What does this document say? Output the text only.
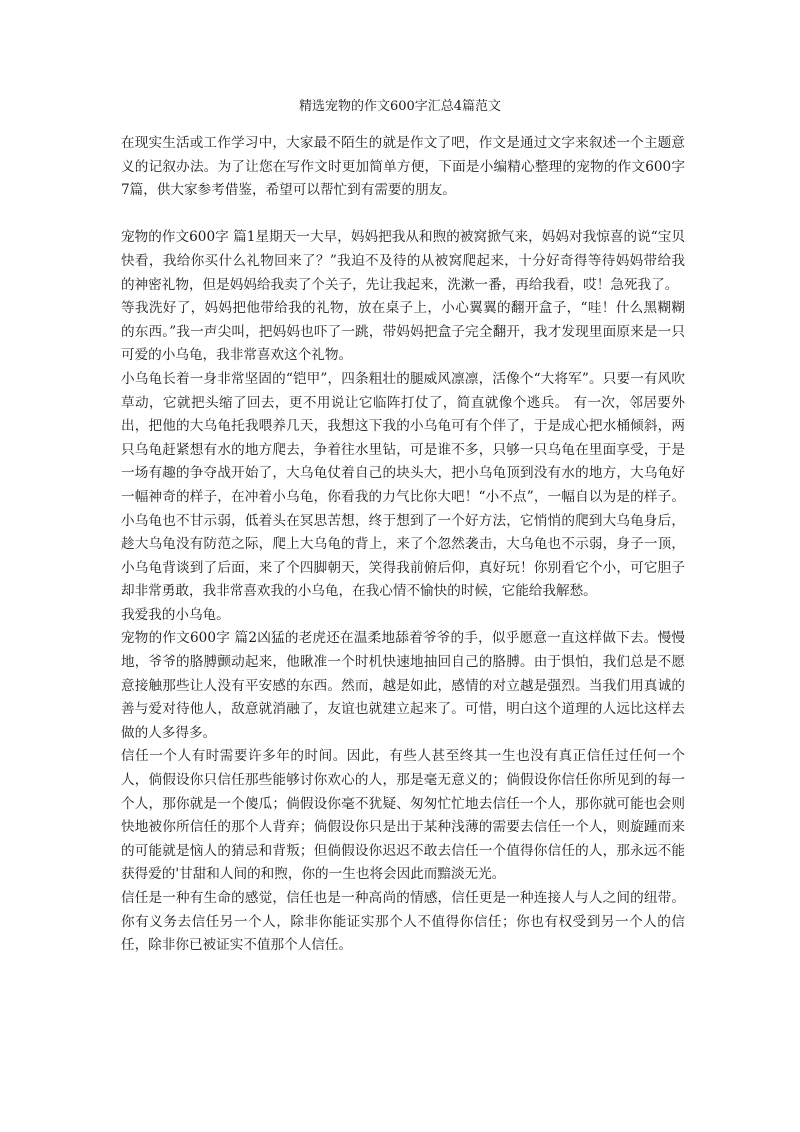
精选宠物的作文600字汇总4篇范文

在现实生活或工作学习中，大家最不陌生的就是作文了吧，作文是通过文字来叙述一个主题意义的记叙办法。为了让您在写作文时更加简单方便，下面是小编精心整理的宠物的作文600字7篇，供大家参考借鉴，希望可以帮忙到有需要的朋友。

宠物的作文600字 篇1星期天一大早，妈妈把我从和煦的被窝掀气来，妈妈对我惊喜的说“宝贝快看，我给你买什么礼物回来了？”我迫不及待的从被窝爬起来，十分好奇得等待妈妈带给我的神密礼物，但是妈妈给我卖了个关子，先让我起来，洗漱一番，再给我看，哎！急死我了。

等我洗好了，妈妈把他带给我的礼物，放在桌子上，小心翼翼的翻开盒子，“哇！什么黑糊糊的东西。”我一声尖叫，把妈妈也吓了一跳，带妈妈把盒子完全翻开，我才发现里面原来是一只可爱的小乌龟，我非常喜欢这个礼物。

小乌龟长着一身非常坚固的“铠甲”，四条粗壮的腿威风凛凛，活像个“大将军”。只要一有风吹草动，它就把头缩了回去，更不用说让它临阵打仗了，简直就像个逃兵。 有一次，邻居要外出，把他的大乌龟托我喂养几天，我想这下我的小乌龟可有个伴了，于是成心把水桶倾斜，两只乌龟赶紧想有水的地方爬去，争着往水里钻，可是谁不多，只够一只乌龟在里面享受，于是一场有趣的争夺战开始了，大乌龟仗着自己的块头大，把小乌龟顶到没有水的地方，大乌龟好一幅神奇的样子，在冲着小乌龟，你看我的力气比你大吧！“小不点”，一幅自以为是的样子。小乌龟也不甘示弱，低着头在冥思苦想，终于想到了一个好方法，它悄悄的爬到大乌龟身后，趁大乌龟没有防范之际，爬上大乌龟的背上，来了个忽然袭击，大乌龟也不示弱，身子一顶，小乌龟背谈到了后面，来了个四脚朝天，笑得我前俯后仰，真好玩！你别看它个小，可它胆子却非常勇敢，我非常喜欢我的小乌龟，在我心情不愉快的时候，它能给我解愁。

我爱我的小乌龟。

宠物的作文600字 篇2凶猛的老虎还在温柔地舔着爷爷的手，似乎愿意一直这样做下去。慢慢地，爷爷的胳膊颤动起来，他瞅准一个时机快速地抽回自己的胳膊。由于惧怕，我们总是不愿意接触那些让人没有平安感的东西。然而，越是如此，感情的对立越是强烈。当我们用真诚的善与爱对待他人，敌意就消融了，友谊也就建立起来了。可惜，明白这个道理的人远比这样去做的人多得多。

信任一个人有时需要许多年的时间。因此，有些人甚至终其一生也没有真正信任过任何一个人，倘假设你只信任那些能够讨你欢心的人，那是毫无意义的；倘假设你信任你所见到的每一个人，那你就是一个傻瓜；倘假设你毫不犹疑、匆匆忙忙地去信任一个人，那你就可能也会则快地被你所信任的那个人背弃；倘假设你只是出于某种浅薄的需要去信任一个人，则旋踵而来的可能就是恼人的猜忌和背叛；但倘假设你迟迟不敢去信任一个值得你信任的人，那永远不能获得爱的'甘甜和人间的和煦，你的一生也将会因此而黯淡无光。

信任是一种有生命的感觉，信任也是一种高尚的情感，信任更是一种连接人与人之间的纽带。你有义务去信任另一个人，除非你能证实那个人不值得你信任；你也有权受到另一个人的信任，除非你已被证实不值那个人信任。
